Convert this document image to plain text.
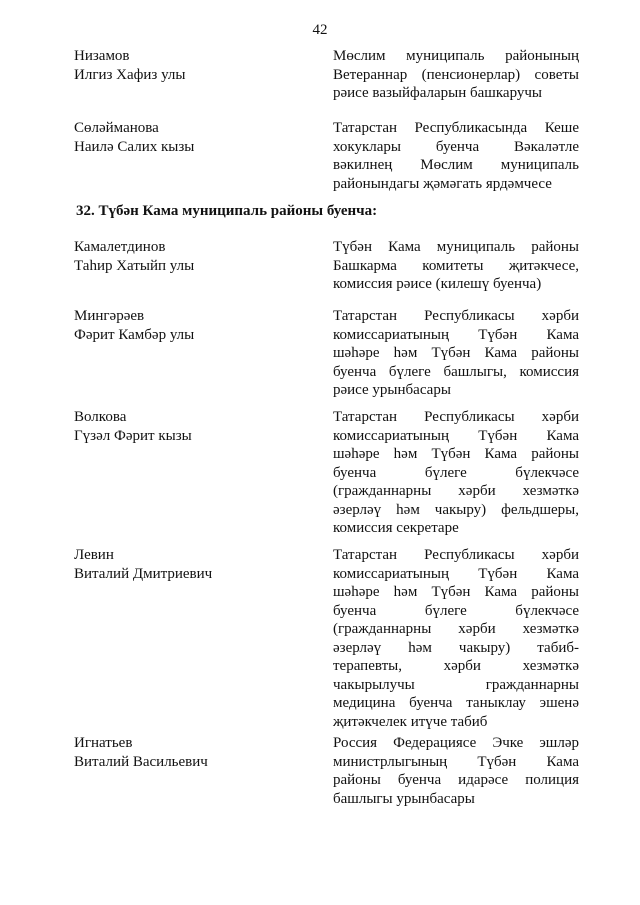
42
Низамов
Илгиз Хафиз улы
Мөслим муниципаль районының
Ветераннар (пенсионерлар) советы
рәисе вазыйфаларын башкаручы
Сөләйманова
Наилә Салих кызы
Татарстан Республикасында Кеше
хокуклары буенча Вәкаләтле
вәкилнең Мөслим муниципаль
районындагы җәмәгать ярдәмчесе
32. Түбән Кама муниципаль районы буенча:
Камалетдинов
Таһир Хатыйп улы
Түбән Кама муниципаль районы
Башкарма комитеты җитәкчесе,
комиссия рәисе (килешү буенча)
Мингәрәев
Фәрит Камбәр улы
Татарстан Республикасы хәрби
комиссариатының Түбән Кама
шәһәре һәм Түбән Кама районы
буенча бүлеге башлыгы, комиссия
рәисе урынбасары
Волкова
Гүзәл Фәрит кызы
Татарстан Республикасы хәрби
комиссариатының Түбән Кама
шәһәре һәм Түбән Кама районы
буенча бүлеге бүлекчәсе
(гражданнарны хәрби хезмәткә
әзерләү һәм чакыру) фельдшеры,
комиссия секретаре
Левин
Виталий Дмитриевич
Татарстан Республикасы хәрби
комиссариатының Түбән Кама
шәһәре һәм Түбән Кама районы
буенча бүлеге бүлекчәсе
(гражданнарны хәрби хезмәткә
әзерләү һәм чакыру) табиб-
терапевты, хәрби хезмәткә
чакырылучы гражданнарны
медицина буенча таныклау эшенә
җитәкчелек итүче табиб
Игнатьев
Виталий Васильевич
Россия Федерациясе Эчке эшләр
министрлыгының Түбән Кама
районы буенча идарәсе полиция
башлыгы урынбасары
